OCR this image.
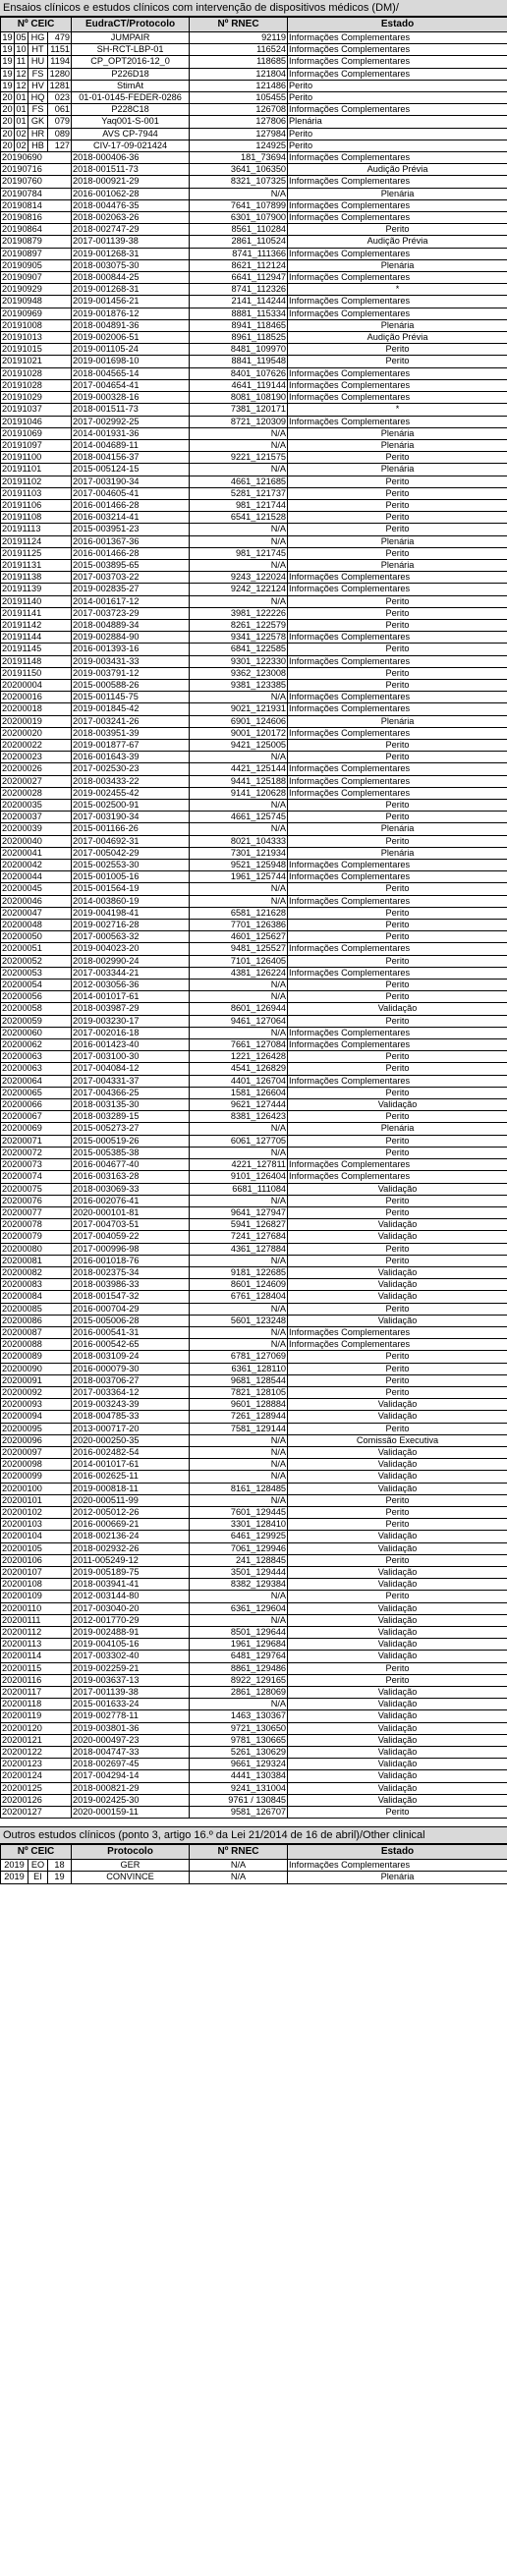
Ensaios clínicos e estudos clínicos com intervenção de dispositivos médicos (DM)/
Nº CEIC				EudraCT/Protocolo	Nº RNEC	Estado
19	05	HG	479	JUMPAIR	92119	Informações Complementares
19	10	HT	1151	SH-RCT-LBP-01	116524	Informações Complementares
19	11	HU	1194	CP_OPT2016-12_0	118685	Informações Complementares
19	12	FS	1280	P226D18	121804	Informações Complementares
19	12	HV	1281	StimAt	121486	Perito
20	01	HQ	023	01-01-0145-FEDER-0286	105455	Perito
20	01	FS	061	P228C18	126708	Informações Complementares
20	01	GK	079	Yaq001-S-001	127806	Plenária
20	02	HR	089	AVS CP-7944	127984	Perito
20	02	HB	127	CIV-17-09-021424	124925	Perito
20190690				2018-000406-36	181_73694	Informações Complementares
20190716				2018-001511-73	3641_106350	Audição Prévia
20190760				2018-000921-29	8321_107325	Informações Complementares
20190784				2016-001062-28	N/A	Plenária
20190814				2018-004476-35	7641_107899	Informações Complementares
20190816				2018-002063-26	6301_107900	Informações Complementares
20190864				2018-002747-29	8561_110284	Perito
20190879				2017-001139-38	2861_110524	Audição Prévia
20190897				2019-001268-31	8741_111366	Informações Complementares
20190905				2018-003075-30	8621_112124	Plenária
20190907				2018-000844-25	6641_112947	Informações Complementares
20190929				2019-001268-31	8741_112326	*
20190948				2019-001456-21	2141_114244	Informações Complementares
20190969				2019-001876-12	8881_115334	Informações Complementares
20191008				2018-004891-36	8941_118465	Plenária
20191013				2019-002006-51	8961_118525	Audição Prévia
20191015				2019-001105-24	8481_109970	Perito
20191021				2019-001698-10	8841_119548	Perito
20191028				2018-004565-14	8401_107626	Informações Complementares
20191028				2017-004654-41	4641_119144	Informações Complementares
20191029				2019-000328-16	8081_108190	Informações Complementares
20191037				2018-001511-73	7381_120171	*
20191046				2017-002992-25	8721_120309	Informações Complementares
20191069				2014-001931-36	N/A	Plenária
20191097				2014-004689-11	N/A	Plenária
20191100				2018-004156-37	9221_121575	Perito
20191101				2015-005124-15	N/A	Plenária
20191102				2017-003190-34	4661_121685	Perito
20191103				2017-004605-41	5281_121737	Perito
20191106				2016-001466-28	981_121744	Perito
20191108				2016-003214-41	6541_121528	Perito
20191113				2015-003951-23	N/A	Perito
20191124				2016-001367-36	N/A	Plenária
20191125				2016-001466-28	981_121745	Perito
20191131				2015-003895-65	N/A	Plenária
20191138				2017-003703-22	9243_122024	Informações Complementares
20191139				2019-002835-27	9242_122124	Informações Complementares
20191140				2014-001617-12	N/A	Perito
20191141				2017-003723-29	3981_122226	Perito
20191142				2018-004889-34	8261_122579	Perito
20191144				2019-002884-90	9341_122578	Informações Complementares
20191145				2016-001393-16	6841_122585	Perito
20191148				2019-003431-33	9301_122330	Informações Complementares
20191150				2019-003791-12	9362_123008	Perito
20200004				2015-000588-26	9381_123385	Perito
20200016				2015-001145-75	N/A	Informações Complementares
20200018				2019-001845-42	9021_121931	Informações Complementares
20200019				2017-003241-26	6901_124606	Plenária
20200020				2018-003951-39	9001_120172	Informações Complementares
20200022				2019-001877-67	9421_125005	Perito
20200023				2016-001643-39	N/A	Perito
20200026				2017-002530-23	4421_125144	Informações Complementares
20200027				2018-003433-22	9441_125188	Informações Complementares
20200028				2019-002455-42	9141_120628	Informações Complementares
20200035				2015-002500-91	N/A	Perito
20200037				2017-003190-34	4661_125745	Perito
20200039				2015-001166-26	N/A	Plenária
20200040				2017-004692-31	8021_104333	Perito
20200041				2017-005042-29	7301_121934	Plenária
20200042				2015-002553-30	9521_125948	Informações Complementares
20200044				2015-001005-16	1961_125744	Informações Complementares
20200045				2015-001564-19	N/A	Perito
20200046				2014-003860-19	N/A	Informações Complementares
20200047				2019-004198-41	6581_121628	Perito
20200048				2019-002716-28	7701_126386	Perito
20200050				2017-000563-32	4601_125627	Perito
20200051				2019-004023-20	9481_125527	Informações Complementares
20200052				2018-002990-24	7101_126405	Perito
20200053				2017-003344-21	4381_126224	Informações Complementares
20200054				2012-003056-36	N/A	Perito
20200056				2014-001017-61	N/A	Perito
20200058				2018-003987-29	8601_126944	Validação
20200059				2019-003230-17	9461_127064	Perito
20200060				2017-002016-18	N/A	Informações Complementares
20200062				2016-001423-40	7661_127084	Informações Complementares
20200063				2017-003100-30	1221_126428	Perito
20200063				2017-004084-12	4541_126829	Perito
20200064				2017-004331-37	4401_126704	Informações Complementares
20200065				2017-004366-25	1581_126604	Perito
20200066				2018-003135-30	9621_127444	Validação
20200067				2018-003289-15	8381_126423	Perito
20200069				2015-005273-27	N/A	Plenária
20200071				2015-000519-26	6061_127705	Perito
20200072				2015-005385-38	N/A	Perito
20200073				2016-004677-40	4221_127811	Informações Complementares
20200074				2016-003163-28	9101_126404	Informações Complementares
20200075				2018-003069-33	6681_111084	Validação
20200076				2016-002076-41	N/A	Perito
20200077				2020-000101-81	9641_127947	Perito
20200078				2017-004703-51	5941_126827	Validação
20200079				2017-004059-22	7241_127684	Validação
20200080				2017-000996-98	4361_127884	Perito
20200081				2016-001018-76	N/A	Perito
20200082				2018-002375-34	9181_122685	Validação
20200083				2018-003986-33	8601_124609	Validação
20200084				2018-001547-32	6761_128404	Validação
20200085				2016-000704-29	N/A	Perito
20200086				2015-005006-28	5601_123248	Validação
20200087				2016-000541-31	N/A	Informações Complementares
20200088				2016-000542-65	N/A	Informações Complementares
20200089				2018-003109-24	6781_127069	Perito
20200090				2016-000079-30	6361_128110	Perito
20200091				2018-003706-27	9681_128544	Perito
20200092				2017-003364-12	7821_128105	Perito
20200093				2019-003243-39	9601_128884	Validação
20200094				2018-004785-33	7261_128944	Validação
20200095				2013-000717-20	7581_129144	Perito
20200096				2020-000250-35	N/A	Comissão Executiva
20200097				2016-002482-54	N/A	Validação
20200098				2014-001017-61	N/A	Validação
20200099				2016-002625-11	N/A	Validação
20200100				2019-000818-11	8161_128485	Validação
20200101				2020-000511-99	N/A	Perito
20200102				2012-005012-26	7601_129445	Perito
20200103				2016-000669-21	3301_128410	Perito
20200104				2018-002136-24	6461_129925	Validação
20200105				2018-002932-26	7061_129946	Validação
20200106				2011-005249-12	241_128845	Perito
20200107				2019-005189-75	3501_129444	Validação
20200108				2018-003941-41	8382_129384	Validação
20200109				2012-003144-80	N/A	Perito
20200110				2017-003040-20	6361_129604	Validação
20200111				2012-001770-29	N/A	Validação
20200112				2019-002488-91	8501_129644	Validação
20200113				2019-004105-16	1961_129684	Validação
20200114				2017-003302-40	6481_129764	Validação
20200115				2019-002259-21	8861_129486	Perito
20200116				2019-003637-13	8922_129165	Perito
20200117				2017-001139-38	2861_128069	Validação
20200118				2015-001633-24	N/A	Validação
20200119				2019-002778-11	1463_130367	Validação
20200120				2019-003801-36	9721_130650	Validação
20200121				2020-000497-23	9781_130665	Validação
20200122				2018-004747-33	5261_130629	Validação
20200123				2018-002697-45	9661_129324	Validação
20200124				2017-004294-14	4441_130384	Validação
20200125				2018-000821-29	9241_131004	Validação
20200126				2019-002425-30	9761 / 130845	Validação
20200127				2020-000159-11	9581_126707	Perito
Outros estudos clínicos (ponto 3, artigo 16.º da Lei 21/2014 de 16 de abril)/Other clinical
Nº CEIC			Protocolo	Nº RNEC	Estado
2019	EO	18	GER	N/A	Informações Complementares
2019	EI	19	CONVINCE	N/A	Plenária
